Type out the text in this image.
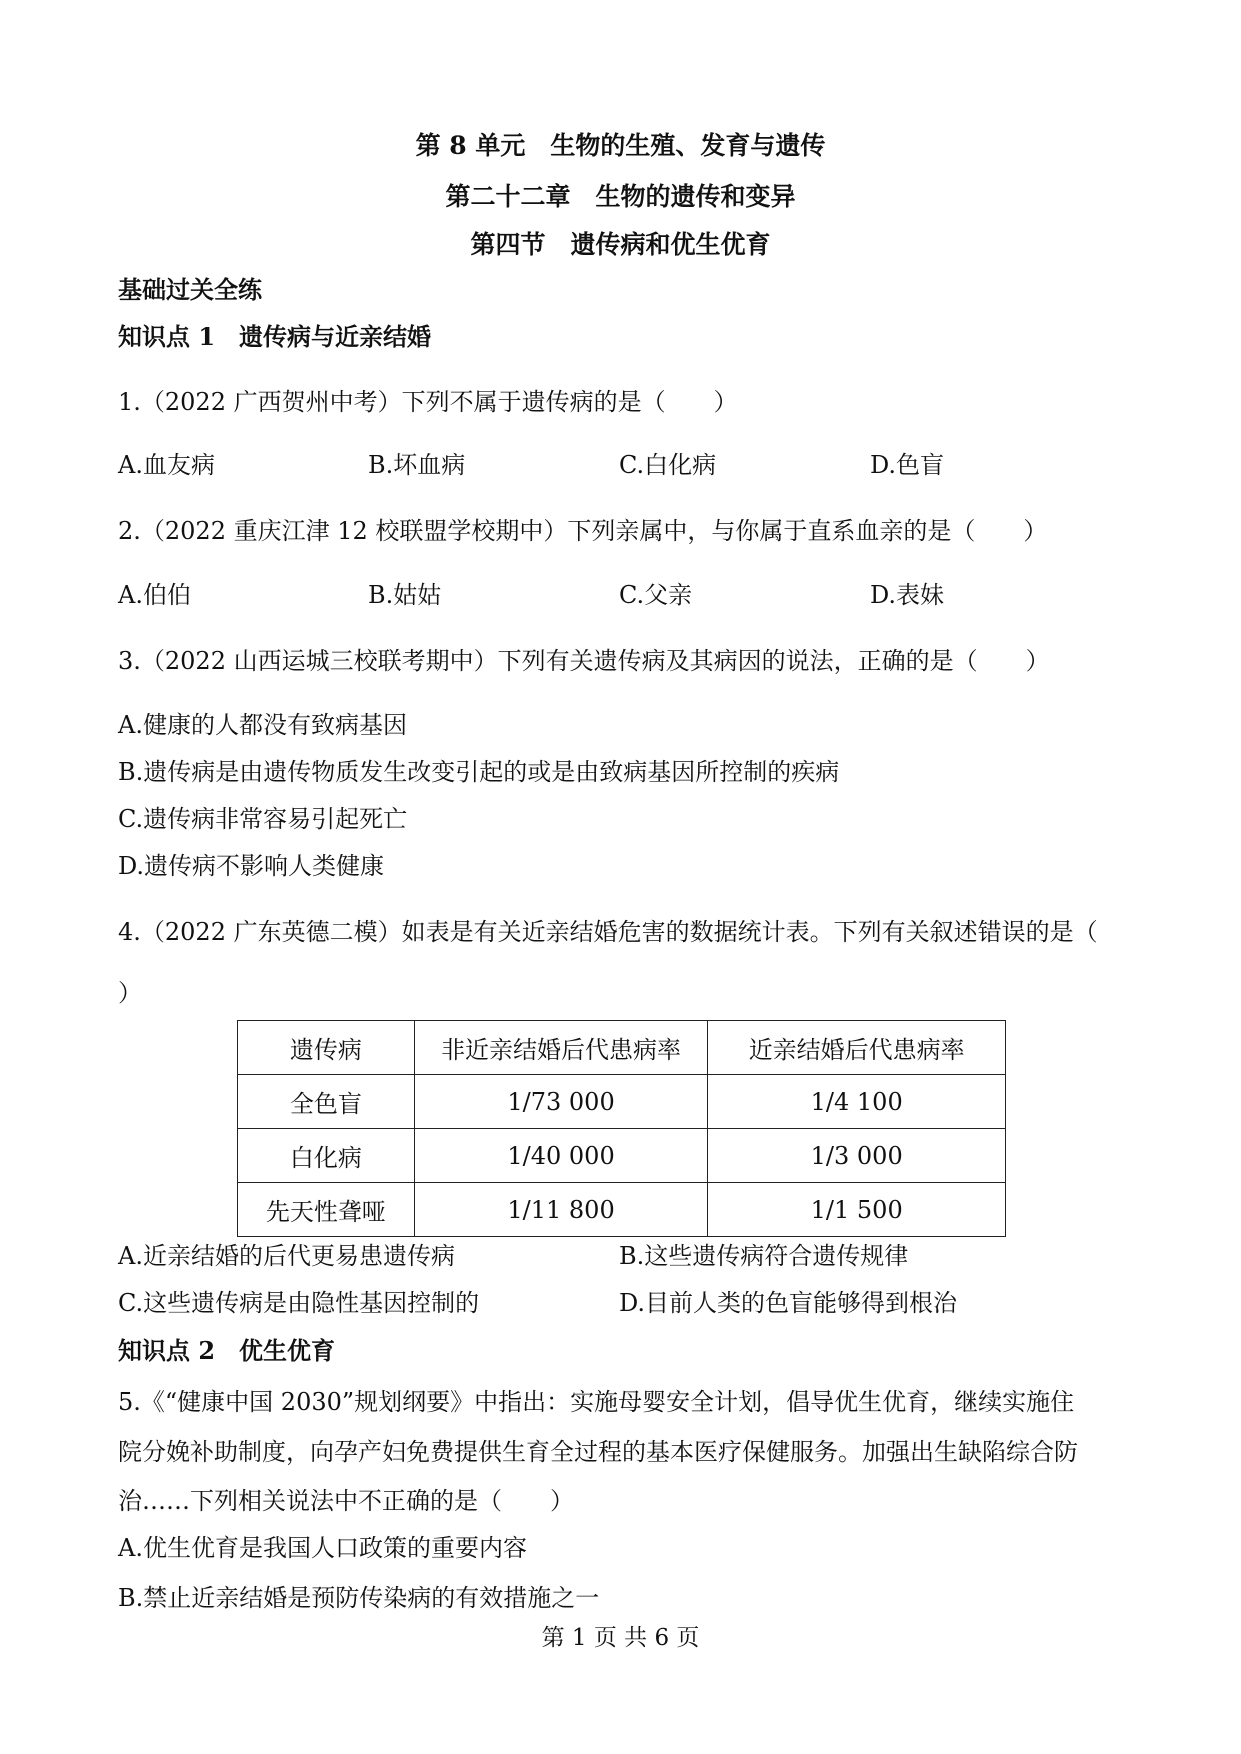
第 8 单元　生物的生殖、发育与遗传
第二十二章　生物的遗传和变异
第四节　遗传病和优生优育
基础过关全练
知识点 1　遗传病与近亲结婚
1.（2022 广西贺州中考）下列不属于遗传病的是（　　）
A.血友病	B.坏血病	C.白化病	D.色盲
2.（2022 重庆江津 12 校联盟学校期中）下列亲属中，与你属于直系血亲的是（　　）
A.伯伯	B.姑姑	C.父亲	D.表妹
3.（2022 山西运城三校联考期中）下列有关遗传病及其病因的说法，正确的是（　　）
A.健康的人都没有致病基因
B.遗传病是由遗传物质发生改变引起的或是由致病基因所控制的疾病
C.遗传病非常容易引起死亡
D.遗传病不影响人类健康
4.（2022 广东英德二模）如表是有关近亲结婚危害的数据统计表。下列有关叙述错误的是（
）
遗传病	非近亲结婚后代患病率	近亲结婚后代患病率
全色盲	1/73 000	1/4 100
白化病	1/40 000	1/3 000
先天性聋哑	1/11 800	1/1 500
A.近亲结婚的后代更易患遗传病	B.这些遗传病符合遗传规律
C.这些遗传病是由隐性基因控制的	D.目前人类的色盲能够得到根治
知识点 2　优生优育
5.《“健康中国 2030”规划纲要》中指出：实施母婴安全计划，倡导优生优育，继续实施住
院分娩补助制度，向孕产妇免费提供生育全过程的基本医疗保健服务。加强出生缺陷综合防
治……下列相关说法中不正确的是（　　）
A.优生优育是我国人口政策的重要内容
B.禁止近亲结婚是预防传染病的有效措施之一
第 1 页 共 6 页
